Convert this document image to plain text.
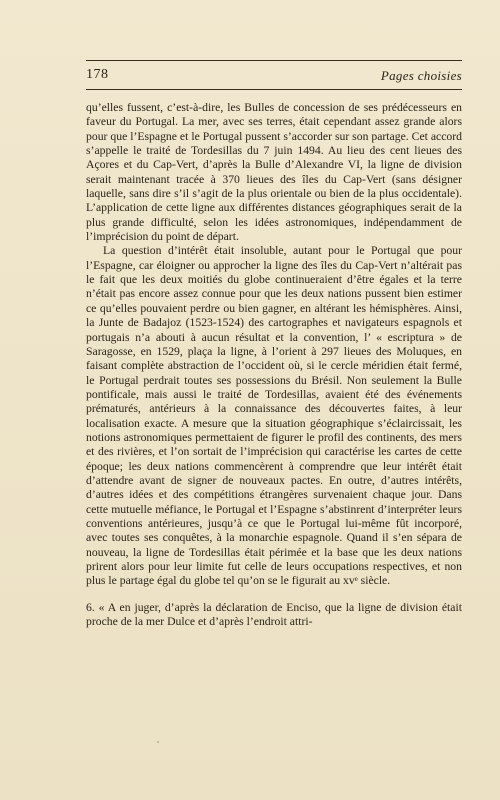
178	Pages choisies

qu’elles fussent, c’est-à-dire, les Bulles de concession de ses prédécesseurs en faveur du Portugal. La mer, avec ses terres, était cependant assez grande alors pour que l’Espagne et le Portugal pussent s’accorder sur son partage. Cet accord s’appelle le traité de Tordesillas du 7 juin 1494. Au lieu des cent lieues des Açores et du Cap-Vert, d’après la Bulle d’Alexandre VI, la ligne de division serait maintenant tracée à 370 lieues des îles du Cap-Vert (sans désigner laquelle, sans dire s’il s’agit de la plus orientale ou bien de la plus occidentale). L’application de cette ligne aux différentes distances géographiques serait de la plus grande difficulté, selon les idées astronomiques, indépendamment de l’imprécision du point de départ.

La question d’intérêt était insoluble, autant pour le Portugal que pour l’Espagne, car éloigner ou approcher la ligne des îles du Cap-Vert n’altérait pas le fait que les deux moitiés du globe continueraient d’être égales et la terre n’était pas encore assez connue pour que les deux nations pussent bien estimer ce qu’elles pouvaient perdre ou bien gagner, en altérant les hémisphères. Ainsi, la Junte de Badajoz (1523-1524) des cartographes et navigateurs espagnols et portugais n’a abouti à aucun résultat et la convention, l’ « escriptura » de Saragosse, en 1529, plaça la ligne, à l’orient à 297 lieues des Moluques, en faisant complète abstraction de l’occident où, si le cercle méridien était fermé, le Portugal perdrait toutes ses possessions du Brésil. Non seulement la Bulle pontificale, mais aussi le traité de Tordesillas, avaient été des événements prématurés, antérieurs à la connaissance des découvertes faites, à leur localisation exacte. A mesure que la situation géographique s’éclaircissait, les notions astronomiques permettaient de figurer le profil des continents, des mers et des rivières, et l’on sortait de l’imprécision qui caractérise les cartes de cette époque; les deux nations commencèrent à comprendre que leur intérêt était d’attendre avant de signer de nouveaux pactes. En outre, d’autres intérêts, d’autres idées et des compétitions étrangères survenaient chaque jour. Dans cette mutuelle méfiance, le Portugal et l’Espagne s’abstinrent d’interpréter leurs conventions antérieures, jusqu’à ce que le Portugal lui-même fût incorporé, avec toutes ses conquêtes, à la monarchie espagnole. Quand il s’en sépara de nouveau, la ligne de Tordesillas était périmée et la base que les deux nations prirent alors pour leur limite fut celle de leurs occupations respectives, et non plus le partage égal du globe tel qu’on se le figurait au xvᵉ siècle.

6. « A en juger, d’après la déclaration de Enciso, que la ligne de division était proche de la mer Dulce et d’après l’endroit attri-
